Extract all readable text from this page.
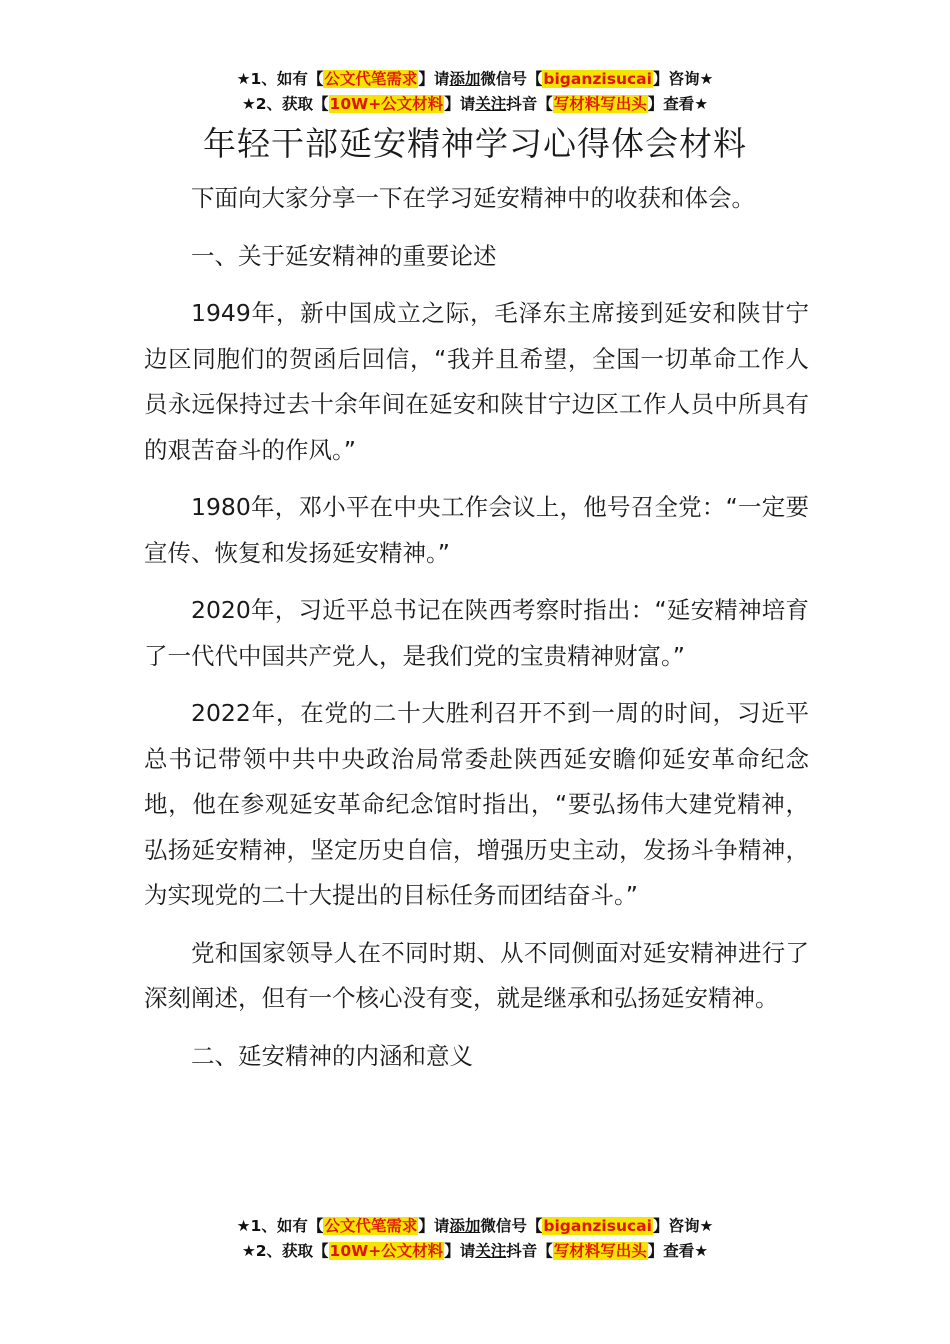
★1、如有【公文代笔需求】请添加微信号【biganzisucai】咨询★
★2、获取【10W+公文材料】请关注抖音【写材料写出头】查看★
年轻干部延安精神学习心得体会材料

下面向大家分享一下在学习延安精神中的收获和体会。

一、关于延安精神的重要论述

1949年，新中国成立之际，毛泽东主席接到延安和陕甘宁边区同胞们的贺函后回信，“我并且希望，全国一切革命工作人员永远保持过去十余年间在延安和陕甘宁边区工作人员中所具有的艰苦奋斗的作风。”

1980年，邓小平在中央工作会议上，他号召全党：“一定要宣传、恢复和发扬延安精神。”

2020年，习近平总书记在陕西考察时指出：“延安精神培育了一代代中国共产党人，是我们党的宝贵精神财富。”

2022年，在党的二十大胜利召开不到一周的时间，习近平总书记带领中共中央政治局常委赴陕西延安瞻仰延安革命纪念地，他在参观延安革命纪念馆时指出，“要弘扬伟大建党精神，弘扬延安精神，坚定历史自信，增强历史主动，发扬斗争精神，为实现党的二十大提出的目标任务而团结奋斗。”

党和国家领导人在不同时期、从不同侧面对延安精神进行了深刻阐述，但有一个核心没有变，就是继承和弘扬延安精神。

二、延安精神的内涵和意义

★1、如有【公文代笔需求】请添加微信号【biganzisucai】咨询★
★2、获取【10W+公文材料】请关注抖音【写材料写出头】查看★
